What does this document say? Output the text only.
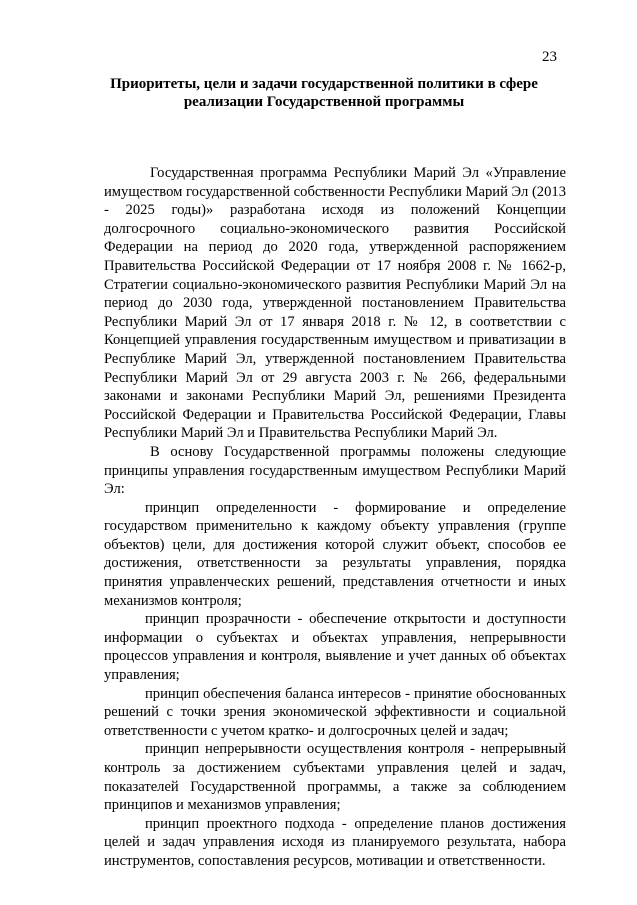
23
Приоритеты, цели и задачи государственной политики в сфере
реализации Государственной программы

Государственная программа Республики Марий Эл «Управление имуществом государственной собственности Республики Марий Эл (2013 - 2025 годы)» разработана исходя из положений Концепции долгосрочного социально-экономического развития Российской Федерации на период до 2020 года, утвержденной распоряжением Правительства Российской Федерации от 17 ноября 2008 г. № 1662-р, Стратегии социально-экономического развития Республики Марий Эл на период до 2030 года, утвержденной постановлением Правительства Республики Марий Эл от 17 января 2018 г. № 12, в соответствии с Концепцией управления государственным имуществом и приватизации в Республике Марий Эл, утвержденной постановлением Правительства Республики Марий Эл от 29 августа 2003 г. № 266, федеральными законами и законами Республики Марий Эл, решениями Президента Российской Федерации и Правительства Российской Федерации, Главы Республики Марий Эл и Правительства Республики Марий Эл.

В основу Государственной программы положены следующие принципы управления государственным имуществом Республики Марий Эл:

принцип определенности - формирование и определение государством применительно к каждому объекту управления (группе объектов) цели, для достижения которой служит объект, способов ее достижения, ответственности за результаты управления, порядка принятия управленческих решений, представления отчетности и иных механизмов контроля;

принцип прозрачности - обеспечение открытости и доступности информации о субъектах и объектах управления, непрерывности процессов управления и контроля, выявление и учет данных об объектах управления;

принцип обеспечения баланса интересов - принятие обоснованных решений с точки зрения экономической эффективности и социальной ответственности с учетом кратко- и долгосрочных целей и задач;

принцип непрерывности осуществления контроля - непрерывный контроль за достижением субъектами управления целей и задач, показателей Государственной программы, а также за соблюдением принципов и механизмов управления;

принцип проектного подхода - определение планов достижения целей и задач управления исходя из планируемого результата, набора инструментов, сопоставления ресурсов, мотивации и ответственности.
